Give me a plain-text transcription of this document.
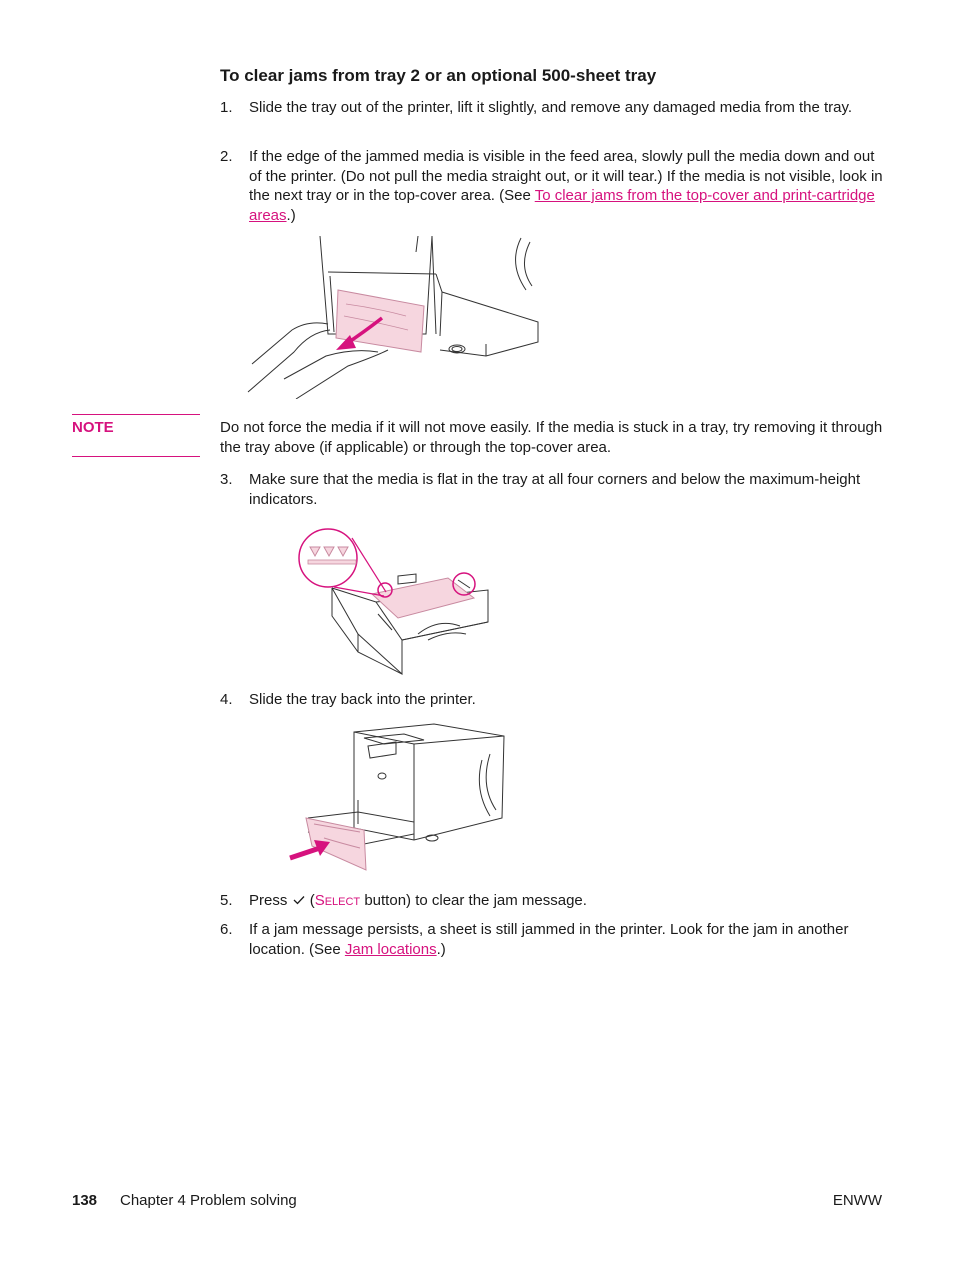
To clear jams from tray 2 or an optional 500-sheet tray
1.	Slide the tray out of the printer, lift it slightly, and remove any damaged media from the tray.
2.	If the edge of the jammed media is visible in the feed area, slowly pull the media down and out of the printer. (Do not pull the media straight out, or it will tear.) If the media is not visible, look in the next tray or in the top-cover area. (See To clear jams from the top-cover and print-cartridge areas.)
NOTE	Do not force the media if it will not move easily. If the media is stuck in a tray, try removing it through the tray above (if applicable) or through the top-cover area.
3.	Make sure that the media is flat in the tray at all four corners and below the maximum-height indicators.
4.	Slide the tray back into the printer.
5.	Press (Select button) to clear the jam message.
6.	If a jam message persists, a sheet is still jammed in the printer. Look for the jam in another location. (See Jam locations.)
138 Chapter 4 Problem solving	ENWW
